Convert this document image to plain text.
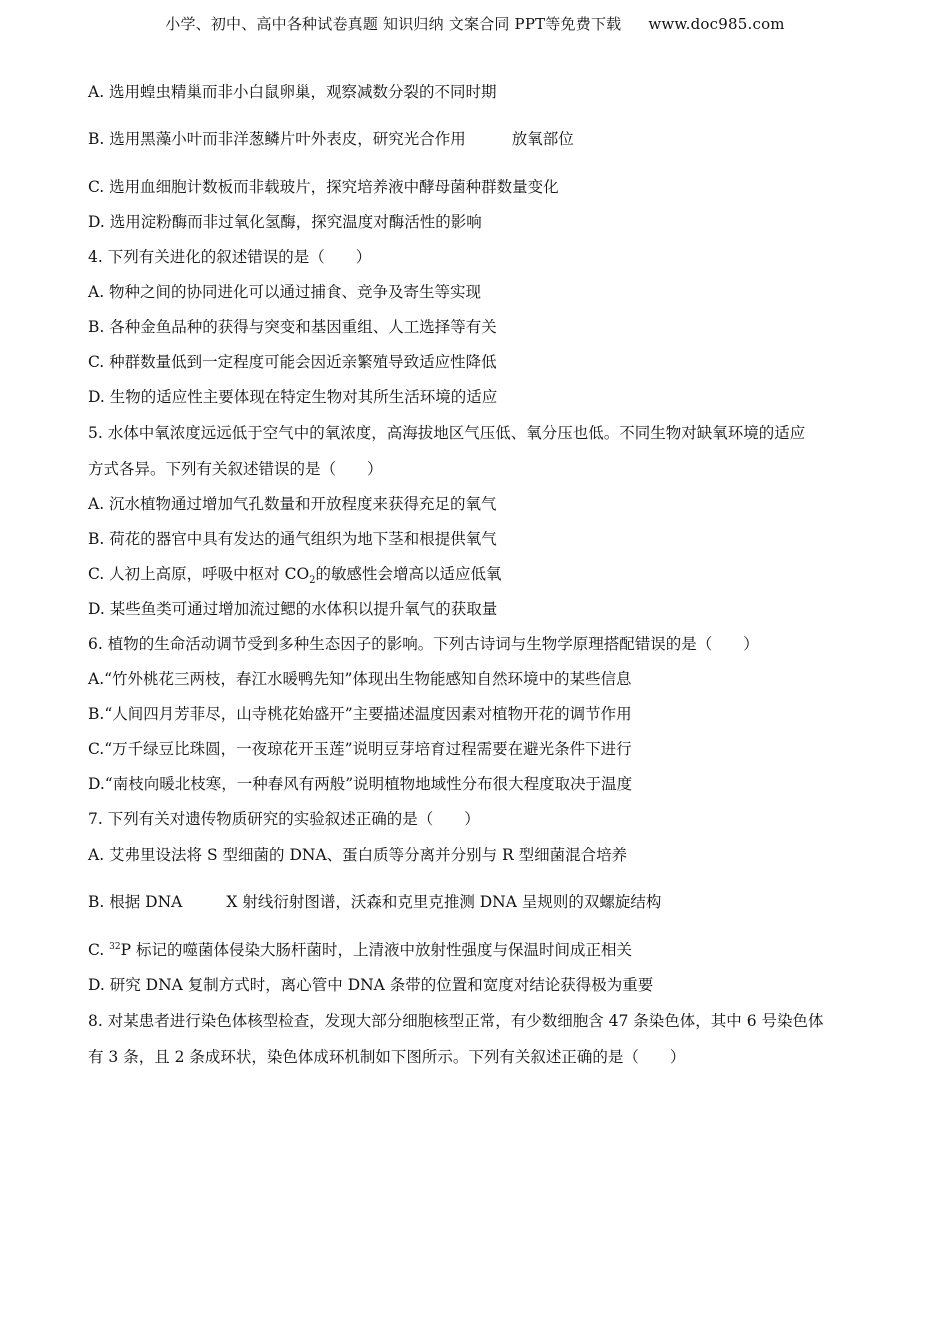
小学、初中、高中各种试卷真题 知识归纳 文案合同 PPT等免费下载 www.doc985.com
A. 选用蝗虫精巢而非小白鼠卵巢，观察减数分裂的不同时期
B. 选用黑藻小叶而非洋葱鳞片叶外表皮，研究光合作用	放氧部位
C. 选用血细胞计数板而非载玻片，探究培养液中酵母菌种群数量变化
D. 选用淀粉酶而非过氧化氢酶，探究温度对酶活性的影响
4. 下列有关进化的叙述错误的是（　　）
A. 物种之间的协同进化可以通过捕食、竞争及寄生等实现
B. 各种金鱼品种的获得与突变和基因重组、人工选择等有关
C. 种群数量低到一定程度可能会因近亲繁殖导致适应性降低
D. 生物的适应性主要体现在特定生物对其所生活环境的适应
5. 水体中氧浓度远远低于空气中的氧浓度，高海拔地区气压低、氧分压也低。不同生物对缺氧环境的适应
方式各异。下列有关叙述错误的是（　　）
A. 沉水植物通过增加气孔数量和开放程度来获得充足的氧气
B. 荷花的器官中具有发达的通气组织为地下茎和根提供氧气
C. 人初上高原，呼吸中枢对 $CO_2$的敏感性会增高以适应低氧
D. 某些鱼类可通过增加流过鳃的水体积以提升氧气的获取量
6. 植物的生命活动调节受到多种生态因子的影响。下列古诗词与生物学原理搭配错误的是（　　）
A.“竹外桃花三两枝，春江水暖鸭先知”体现出生物能感知自然环境中的某些信息
B.“人间四月芳菲尽，山寺桃花始盛开”主要描述温度因素对植物开花的调节作用
C.“万千绿豆比珠圆，一夜琼花开玉莲”说明豆芽培育过程需要在避光条件下进行
D.“南枝向暖北枝寒，一种春风有两般”说明植物地域性分布很大程度取决于温度
7. 下列有关对遗传物质研究的实验叙述正确的是（　　）
A. 艾弗里设法将 S 型细菌的 DNA、蛋白质等分离并分别与 R 型细菌混合培养
B. 根据 DNA	X 射线衍射图谱，沃森和克里克推测 DNA 呈规则的双螺旋结构
C. $^{32}$P 标记的噬菌体侵染大肠杆菌时，上清液中放射性强度与保温时间成正相关
D. 研究 DNA 复制方式时，离心管中 DNA 条带的位置和宽度对结论获得极为重要
8. 对某患者进行染色体核型检查，发现大部分细胞核型正常，有少数细胞含 47 条染色体，其中 6 号染色体
有 3 条，且 2 条成环状，染色体成环机制如下图所示。下列有关叙述正确的是（　　）
